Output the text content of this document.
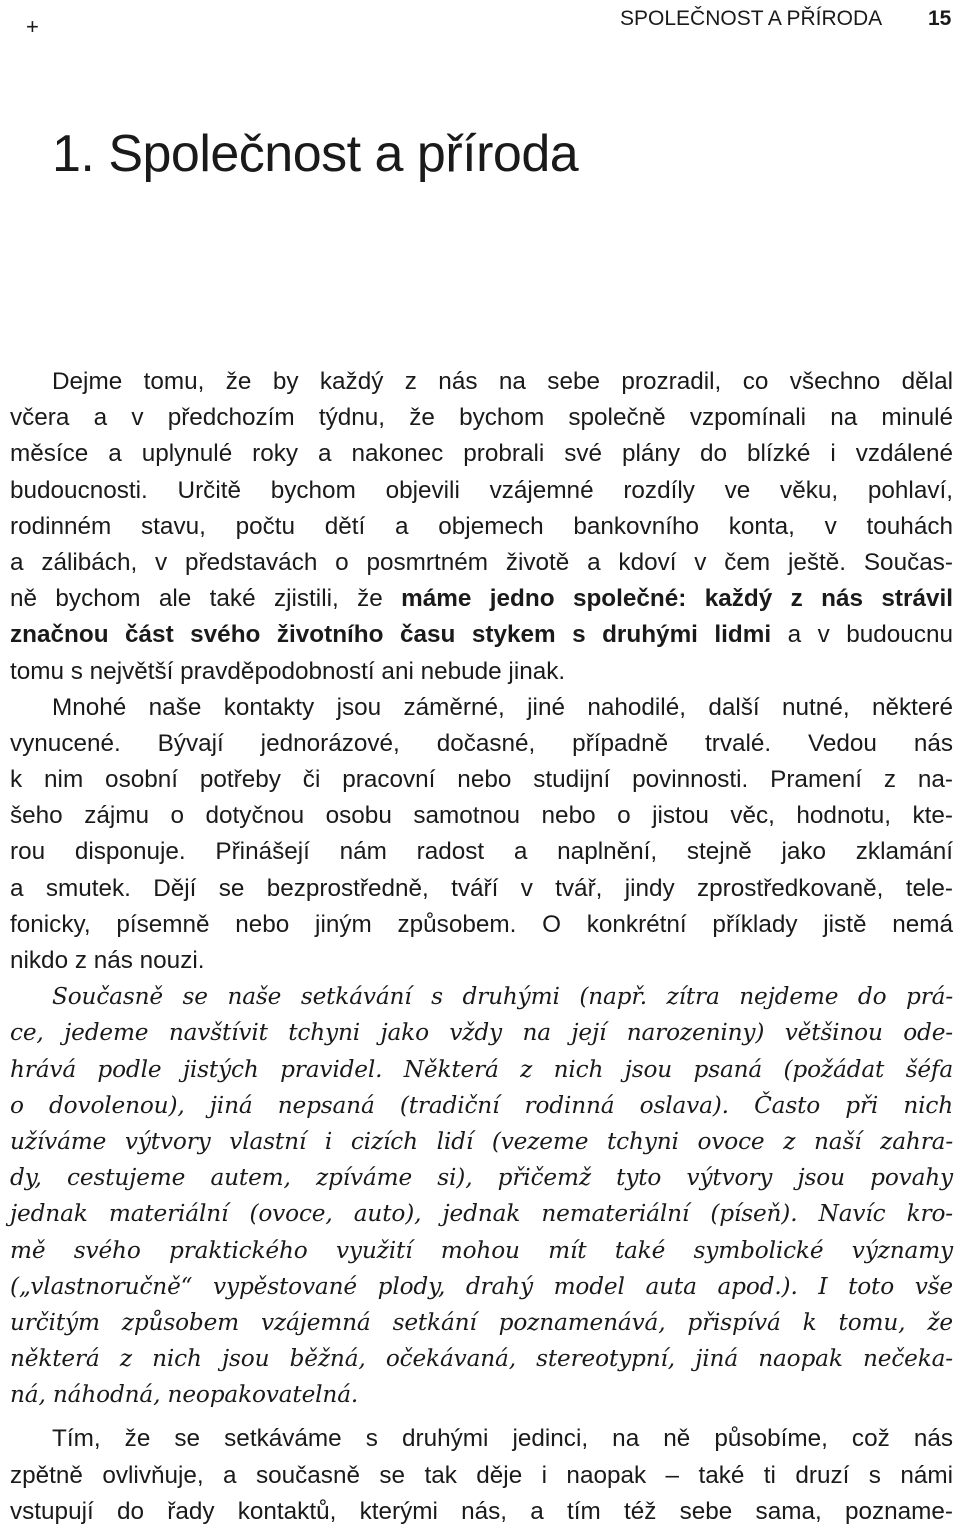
+	SPOLEČNOST A PŘÍRODA 15
1. Společnost a příroda
Dejme tomu, že by každý z nás na sebe prozradil, co všechno dělal
včera a v předchozím týdnu, že bychom společně vzpomínali na minulé
měsíce a uplynulé roky a nakonec probrali své plány do blízké i vzdálené
budoucnosti. Určitě bychom objevili vzájemné rozdíly ve věku, pohlaví,
rodinném stavu, počtu dětí a objemech bankovního konta, v touhách
a zálibách, v představách o posmrtném životě a kdoví v čem ještě. Součas-
ně bychom ale také zjistili, že máme jedno společné: každý z nás strávil
značnou část svého životního času stykem s druhými lidmi a v budoucnu
tomu s největší pravděpodobností ani nebude jinak.
Mnohé naše kontakty jsou záměrné, jiné nahodilé, další nutné, některé
vynucené. Bývají jednorázové, dočasné, případně trvalé. Vedou nás
k nim osobní potřeby či pracovní nebo studijní povinnosti. Pramení z na-
šeho zájmu o dotyčnou osobu samotnou nebo o jistou věc, hodnotu, kte-
rou disponuje. Přinášejí nám radost a naplnění, stejně jako zklamání
a smutek. Dějí se bezprostředně, tváří v tvář, jindy zprostředkovaně, tele-
fonicky, písemně nebo jiným způsobem. O konkrétní příklady jistě nemá
nikdo z nás nouzi.
Současně se naše setkávání s druhými (např. zítra nejdeme do prá-
ce, jedeme navštívit tchyni jako vždy na její narozeniny) většinou ode-
hrává podle jistých pravidel. Některá z nich jsou psaná (požádat šéfa
o dovolenou), jiná nepsaná (tradiční rodinná oslava). Často při nich
užíváme výtvory vlastní i cizích lidí (vezeme tchyni ovoce z naší zahra-
dy, cestujeme autem, zpíváme si), přičemž tyto výtvory jsou povahy
jednak materiální (ovoce, auto), jednak nemateriální (píseň). Navíc kro-
mě svého praktického využití mohou mít také symbolické významy
(„vlastnoručně“ vypěstované plody, drahý model auta apod.). I toto vše
určitým způsobem vzájemná setkání poznamenává, přispívá k tomu, že
některá z nich jsou běžná, očekávaná, stereotypní, jiná naopak nečeka-
ná, náhodná, neopakovatelná.
Tím, že se setkáváme s druhými jedinci, na ně působíme, což nás
zpětně ovlivňuje, a současně se tak děje i naopak – také ti druzí s námi
vstupují do řady kontaktů, kterými nás, a tím též sebe sama, poznamе-
